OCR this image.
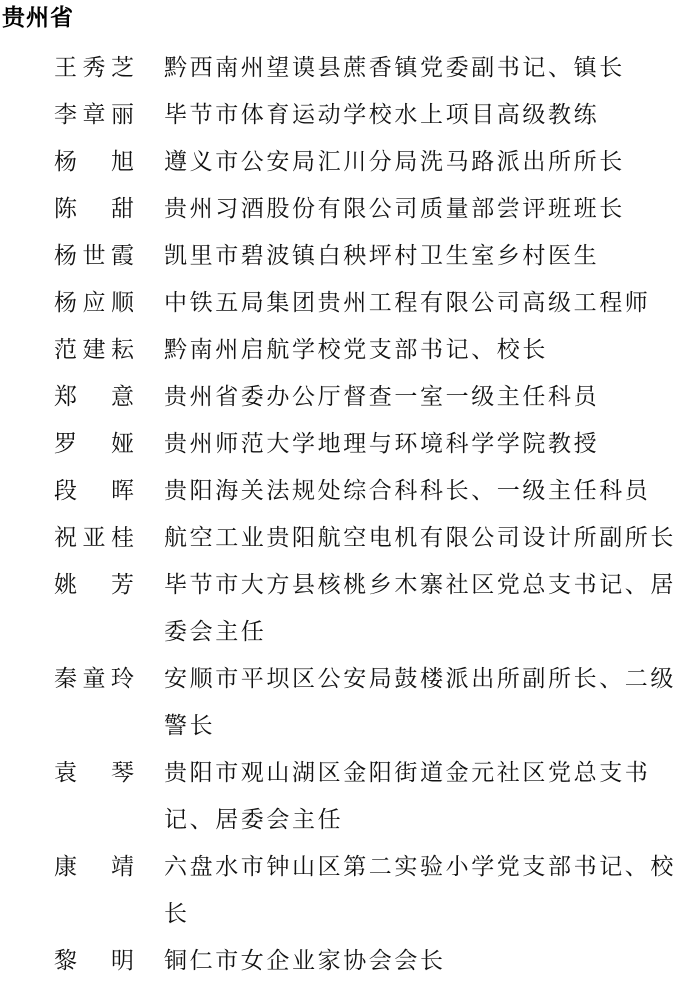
贵州省
王 秀 芝 黔西南州望谟县蔗香镇党委副书记、镇长
李 章 丽 毕节市体育运动学校水上项目高级教练
杨 旭 遵义市公安局汇川分局洗马路派出所所长
陈 甜 贵州习酒股份有限公司质量部尝评班班长
杨 世 霞 凯里市碧波镇白秧坪村卫生室乡村医生
杨 应 顺 中铁五局集团贵州工程有限公司高级工程师
范 建 耘 黔南州启航学校党支部书记、校长
郑 意 贵州省委办公厅督查一室一级主任科员
罗 娅 贵州师范大学地理与环境科学学院教授
段 晖 贵阳海关法规处综合科科长、一级主任科员
祝 亚 桂 航空工业贵阳航空电机有限公司设计所副所长
姚 芳 毕节市大方县核桃乡木寨社区党总支书记、居委会主任
秦 童 玲 安顺市平坝区公安局鼓楼派出所副所长、二级警长
袁 琴 贵阳市观山湖区金阳街道金元社区党总支书记、居委会主任
康 靖 六盘水市钟山区第二实验小学党支部书记、校长
黎 明 铜仁市女企业家协会会长
